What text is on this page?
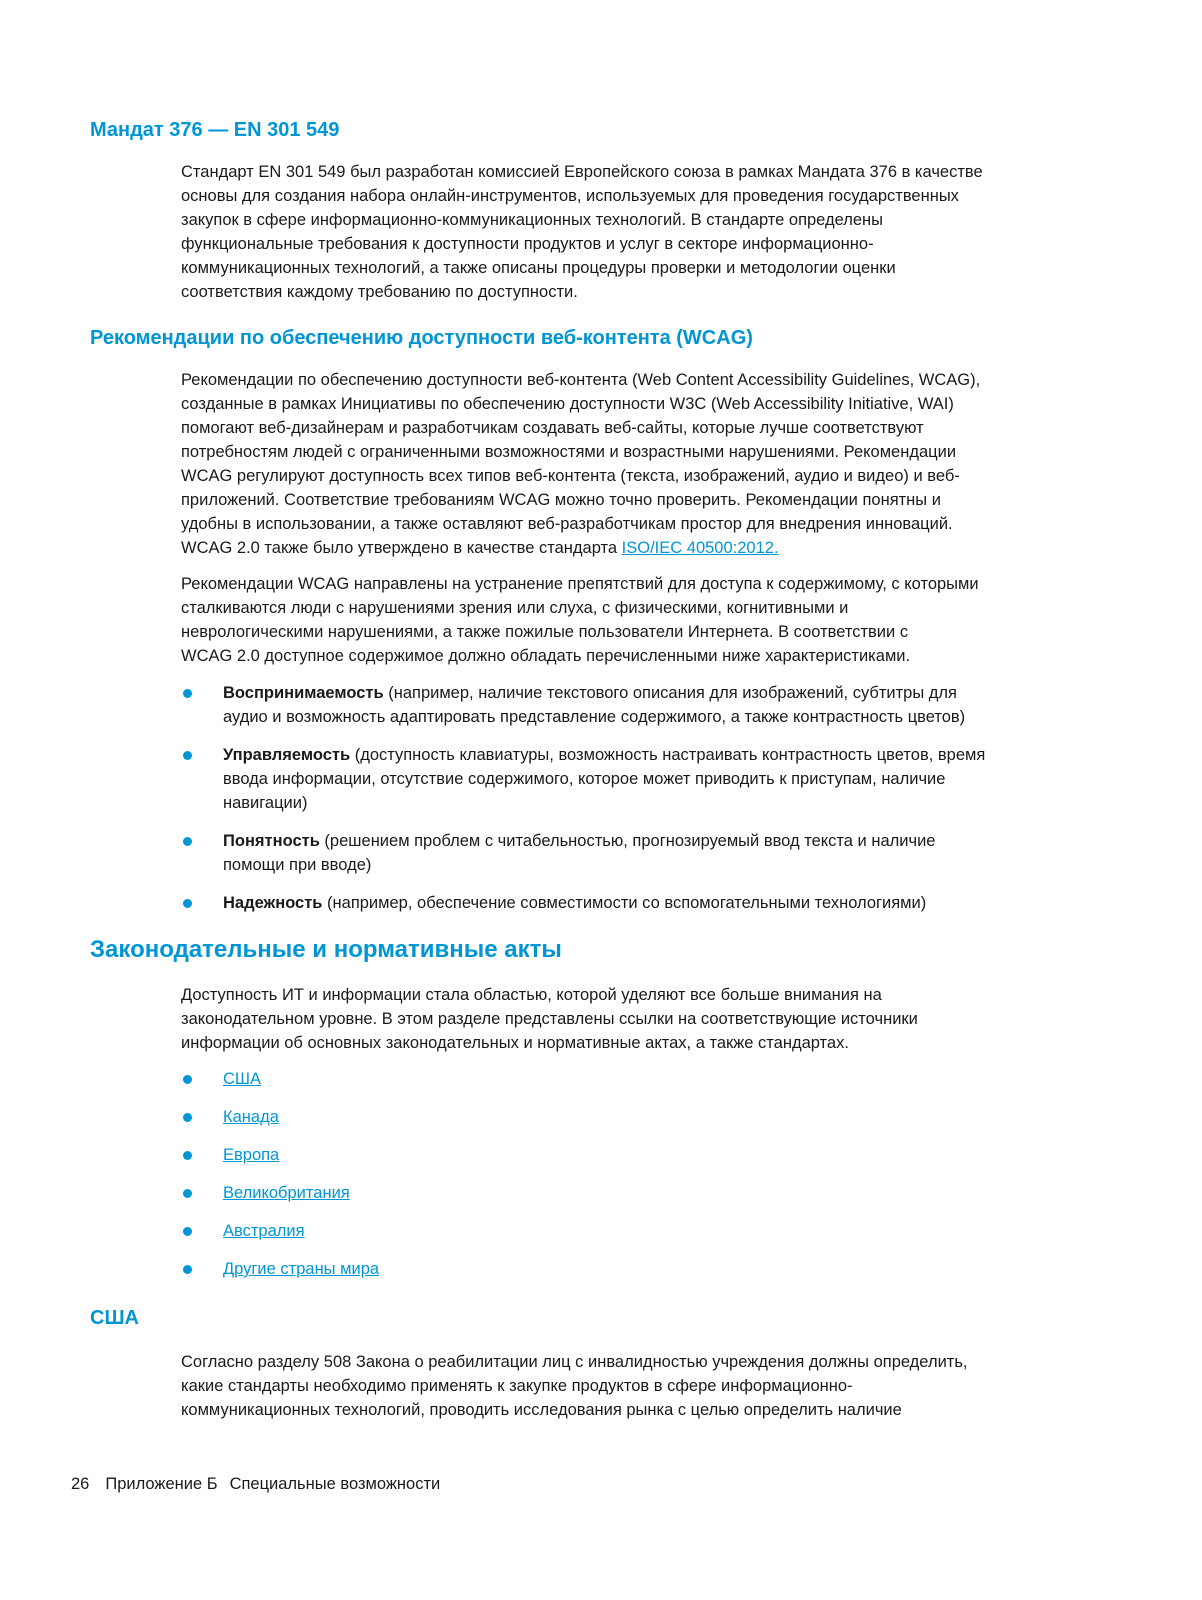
Мандат 376 — EN 301 549
Стандарт EN 301 549 был разработан комиссией Европейского союза в рамках Мандата 376 в качестве
основы для создания набора онлайн-инструментов, используемых для проведения государственных
закупок в сфере информационно-коммуникационных технологий. В стандарте определены
функциональные требования к доступности продуктов и услуг в секторе информационно-
коммуникационных технологий, а также описаны процедуры проверки и методологии оценки
соответствия каждому требованию по доступности.
Рекомендации по обеспечению доступности веб-контента (WCAG)
Рекомендации по обеспечению доступности веб-контента (Web Content Accessibility Guidelines, WCAG),
созданные в рамках Инициативы по обеспечению доступности W3C (Web Accessibility Initiative, WAI)
помогают веб-дизайнерам и разработчикам создавать веб-сайты, которые лучше соответствуют
потребностям людей с ограниченными возможностями и возрастными нарушениями. Рекомендации
WCAG регулируют доступность всех типов веб-контента (текста, изображений, аудио и видео) и веб-
приложений. Соответствие требованиям WCAG можно точно проверить. Рекомендации понятны и
удобны в использовании, а также оставляют веб-разработчикам простор для внедрения инноваций.
WCAG 2.0 также было утверждено в качестве стандарта ISO/IEC 40500:2012.
Рекомендации WCAG направлены на устранение препятствий для доступа к содержимому, с которыми
сталкиваются люди с нарушениями зрения или слуха, с физическими, когнитивными и
неврологическими нарушениями, а также пожилые пользователи Интернета. В соответствии с
WCAG 2.0 доступное содержимое должно обладать перечисленными ниже характеристиками.
Воспринимаемость (например, наличие текстового описания для изображений, субтитры для
аудио и возможность адаптировать представление содержимого, а также контрастность цветов)
Управляемость (доступность клавиатуры, возможность настраивать контрастность цветов, время
ввода информации, отсутствие содержимого, которое может приводить к приступам, наличие
навигации)
Понятность (решением проблем с читабельностью, прогнозируемый ввод текста и наличие
помощи при вводе)
Надежность (например, обеспечение совместимости со вспомогательными технологиями)
Законодательные и нормативные акты
Доступность ИТ и информации стала областью, которой уделяют все больше внимания на
законодательном уровне. В этом разделе представлены ссылки на соответствующие источники
информации об основных законодательных и нормативные актах, а также стандартах.
США
Канада
Европа
Великобритания
Австралия
Другие страны мира
США
Согласно разделу 508 Закона о реабилитации лиц с инвалидностью учреждения должны определить,
какие стандарты необходимо применять к закупке продуктов в сфере информационно-
коммуникационных технологий, проводить исследования рынка с целью определить наличие
26 Приложение Б Специальные возможности
